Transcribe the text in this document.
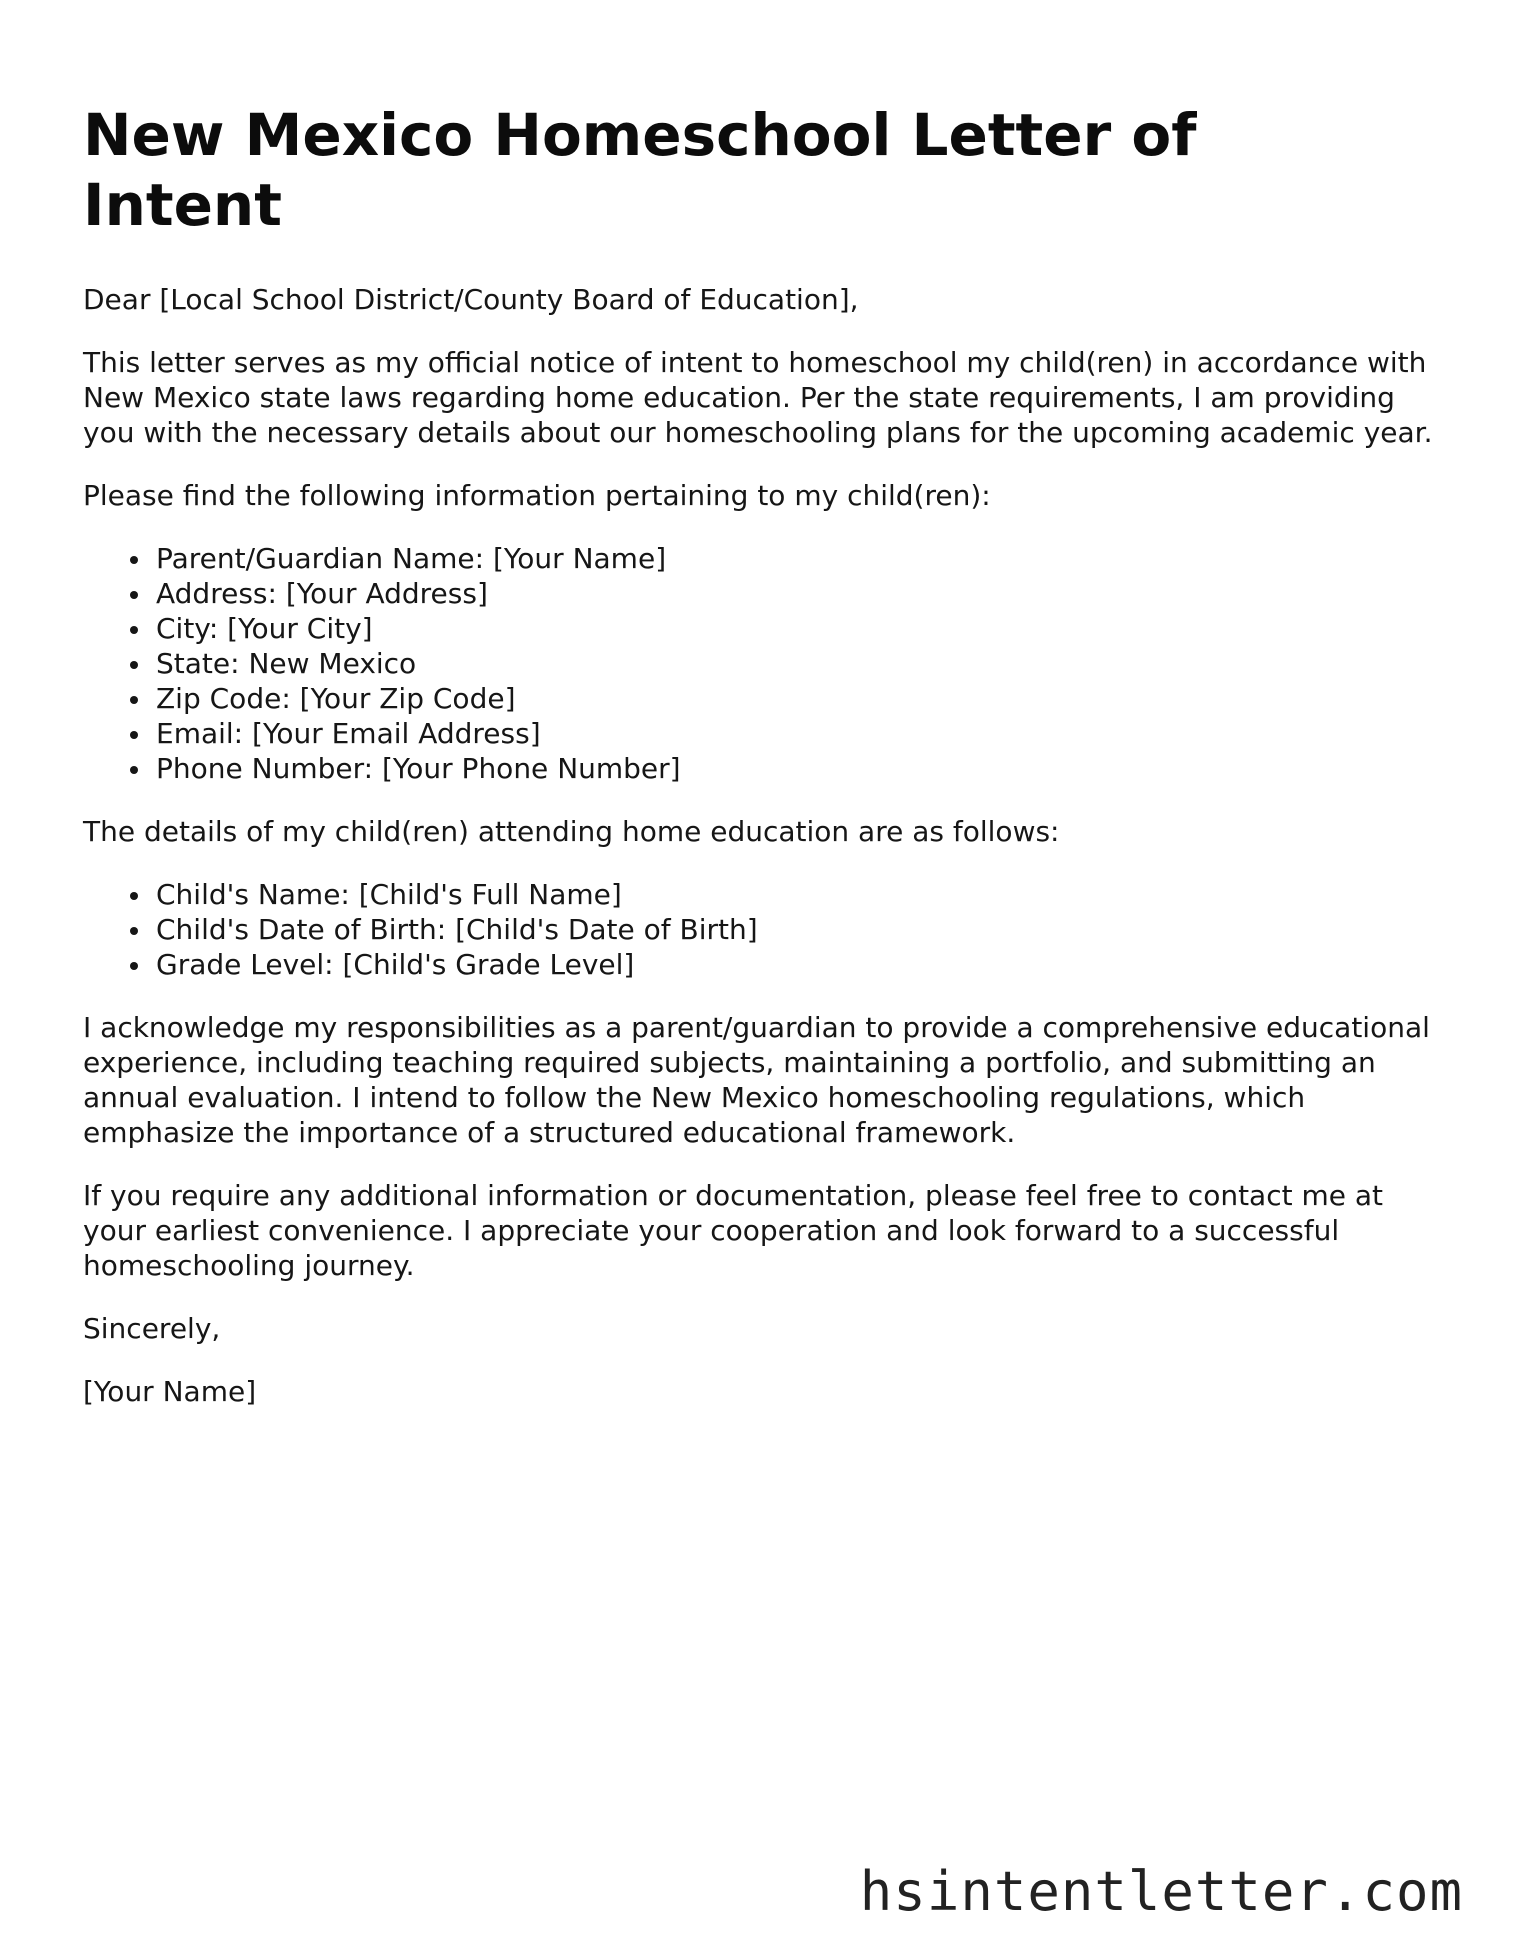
New Mexico Homeschool Letter of Intent

Dear [Local School District/County Board of Education],

This letter serves as my official notice of intent to homeschool my child(ren) in accordance with New Mexico state laws regarding home education. Per the state requirements, I am providing you with the necessary details about our homeschooling plans for the upcoming academic year.

Please find the following information pertaining to my child(ren):

Parent/Guardian Name: [Your Name]
Address: [Your Address]
City: [Your City]
State: New Mexico
Zip Code: [Your Zip Code]
Email: [Your Email Address]
Phone Number: [Your Phone Number]

The details of my child(ren) attending home education are as follows:

Child's Name: [Child's Full Name]
Child's Date of Birth: [Child's Date of Birth]
Grade Level: [Child's Grade Level]

I acknowledge my responsibilities as a parent/guardian to provide a comprehensive educational experience, including teaching required subjects, maintaining a portfolio, and submitting an annual evaluation. I intend to follow the New Mexico homeschooling regulations, which emphasize the importance of a structured educational framework.

If you require any additional information or documentation, please feel free to contact me at your earliest convenience. I appreciate your cooperation and look forward to a successful homeschooling journey.

Sincerely,

[Your Name]

hsintentletter.com
